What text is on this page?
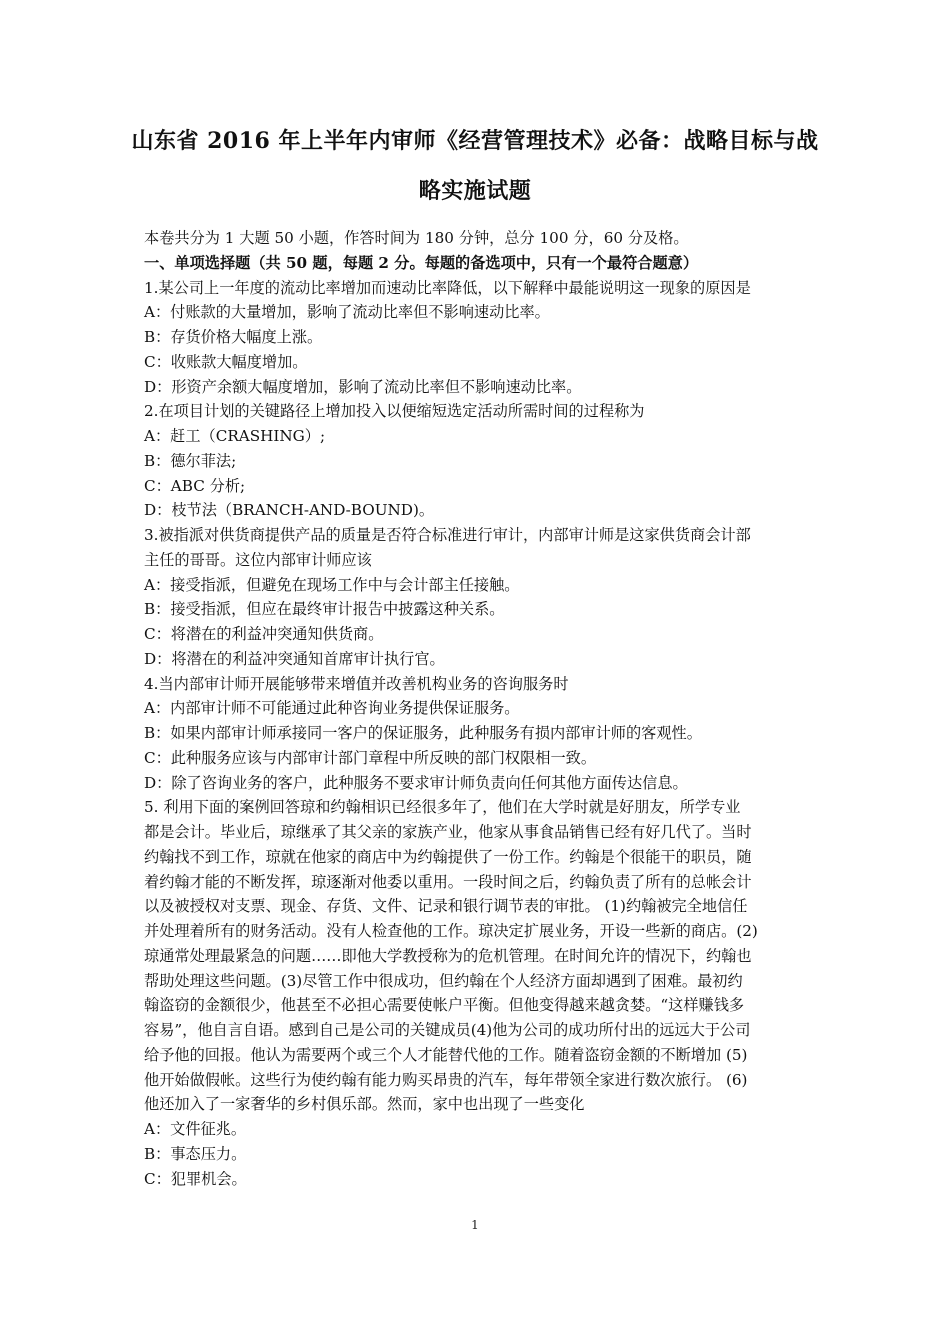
山东省 2016 年上半年内审师《经营管理技术》必备：战略目标与战
略实施试题
本卷共分为 1 大题 50 小题，作答时间为 180 分钟，总分 100 分，60 分及格。
一、单项选择题（共 50 题，每题 2 分。每题的备选项中，只有一个最符合题意）
1.某公司上一年度的流动比率增加而速动比率降低，以下解释中最能说明这一现象的原因是
A：付账款的大量增加，影响了流动比率但不影响速动比率。
B：存货价格大幅度上涨。
C：收账款大幅度增加。
D：形资产余额大幅度增加，影响了流动比率但不影响速动比率。
2.在项目计划的关键路径上增加投入以便缩短选定活动所需时间的过程称为
A：赶工（CRASHING）;
B：德尔菲法;
C：ABC 分析;
D：枝节法（BRANCH-AND-BOUND)。
3.被指派对供货商提供产品的质量是否符合标准进行审计，内部审计师是这家供货商会计部
主任的哥哥。这位内部审计师应该
A：接受指派，但避免在现场工作中与会计部主任接触。
B：接受指派，但应在最终审计报告中披露这种关系。
C：将潜在的利益冲突通知供货商。
D：将潜在的利益冲突通知首席审计执行官。
4.当内部审计师开展能够带来增值并改善机构业务的咨询服务时
A：内部审计师不可能通过此种咨询业务提供保证服务。
B：如果内部审计师承接同一客户的保证服务，此种服务有损内部审计师的客观性。
C：此种服务应该与内部审计部门章程中所反映的部门权限相一致。
D：除了咨询业务的客户，此种服务不要求审计师负责向任何其他方面传达信息。
5. 利用下面的案例回答琼和约翰相识已经很多年了，他们在大学时就是好朋友，所学专业
都是会计。毕业后，琼继承了其父亲的家族产业，他家从事食品销售已经有好几代了。当时
约翰找不到工作，琼就在他家的商店中为约翰提供了一份工作。约翰是个很能干的职员，随
着约翰才能的不断发挥，琼逐渐对他委以重用。一段时间之后，约翰负责了所有的总帐会计
以及被授权对支票、现金、存货、文件、记录和银行调节表的审批。 (1)约翰被完全地信任
并处理着所有的财务活动。没有人检查他的工作。琼决定扩展业务，开设一些新的商店。(2)
琼通常处理最紧急的问题……即他大学教授称为的危机管理。在时间允许的情况下，约翰也
帮助处理这些问题。(3)尽管工作中很成功，但约翰在个人经济方面却遇到了困难。最初约
翰盗窃的金额很少，他甚至不必担心需要使帐户平衡。但他变得越来越贪婪。“这样赚钱多
容易”，他自言自语。感到自己是公司的关键成员(4)他为公司的成功所付出的远远大于公司
给予他的回报。他认为需要两个或三个人才能替代他的工作。随着盗窃金额的不断增加 (5)
他开始做假帐。这些行为使约翰有能力购买昂贵的汽车，每年带领全家进行数次旅行。 (6)
他还加入了一家奢华的乡村俱乐部。然而，家中也出现了一些变化
A：文件征兆。
B：事态压力。
C：犯罪机会。
1
